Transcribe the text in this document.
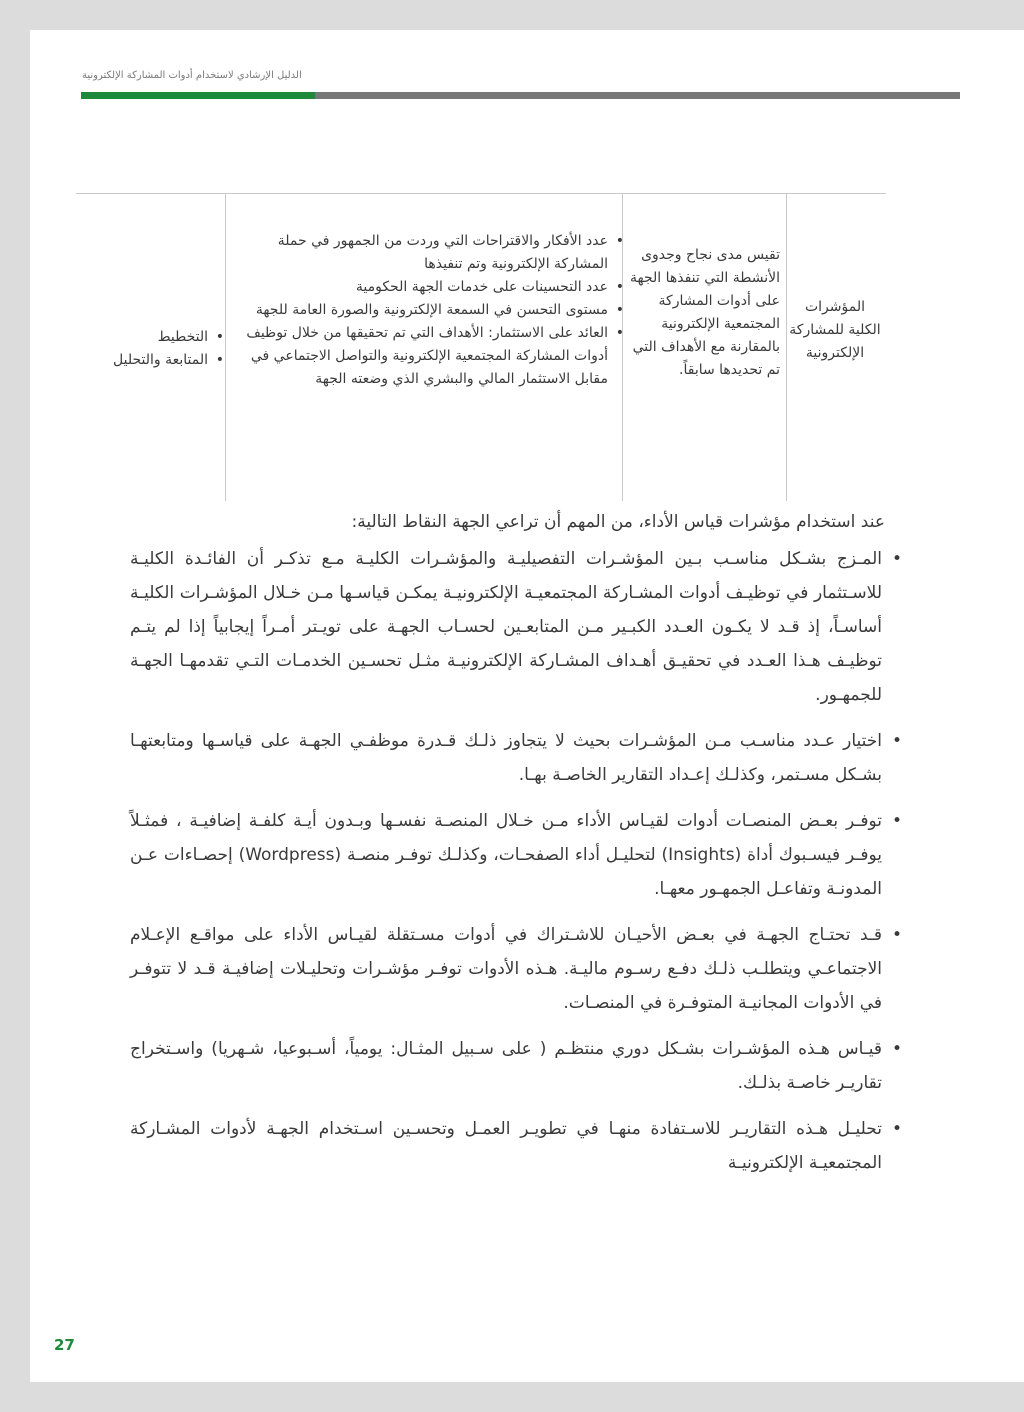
الدليل الإرشادي لاستخدام أدوات المشاركة الإلكترونية
المؤشرات الكلية للمشاركة الإلكترونية
تقيس مدى نجاح وجدوى الأنشطة التي تنفذها الجهة على أدوات المشاركة المجتمعية الإلكترونية بالمقارنة مع الأهداف التي تم تحديدها سابقاً.
• عدد الأفكار والاقتراحات التي وردت من الجمهور في حملة المشاركة الإلكترونية وتم تنفيذها
• عدد التحسينات على خدمات الجهة الحكومية
• مستوى التحسن في السمعة الإلكترونية والصورة العامة للجهة
• العائد على الاستثمار: الأهداف التي تم تحقيقها من خلال توظيف أدوات المشاركة المجتمعية الإلكترونية والتواصل الاجتماعي في مقابل الاستثمار المالي والبشري الذي وضعته الجهة
• التخطيط
• المتابعة والتحليل
عند استخدام مؤشرات قياس الأداء، من المهم أن تراعي الجهة النقاط التالية:
• المـزج بشـكل مناسـب بـين المؤشـرات التفصيليـة والمؤشـرات الكليـة مـع تذكـر أن الفائـدة الكليـة للاسـتثمار في توظيـف أدوات المشـاركة المجتمعيـة الإلكترونيـة يمكـن قياسـها مـن خـلال المؤشـرات الكليـة أساسـاً، إذ قـد لا يكـون العـدد الكبـير مـن المتابعـين لحسـاب الجهـة على تويـتر أمـراً إيجابياً إذا لم يتـم توظيـف هـذا العـدد في تحقيـق أهـداف المشـاركة الإلكترونيـة مثـل تحسـين الخدمـات التـي تقدمهـا الجهـة للجمهـور.
• اختيار عـدد مناسـب مـن المؤشـرات بحيث لا يتجاوز ذلـك قـدرة موظفـي الجهـة على قياسـها ومتابعتهـا بشـكل مسـتمر، وكذلـك إعـداد التقارير الخاصـة بهـا.
• توفـر بعـض المنصـات أدوات لقيـاس الأداء مـن خـلال المنصـة نفسـها وبـدون أيـة كلفـة إضافيـة ، فمثـلاً يوفـر فيسـبوك أداة (Insights) لتحليـل أداء الصفحـات، وكذلـك توفـر منصـة (Wordpress) إحصـاءات عـن المدونـة وتفاعـل الجمهـور معهـا.
• قـد تحتـاج الجهـة في بعـض الأحيـان للاشـتراك في أدوات مسـتقلة لقيـاس الأداء على مواقـع الإعـلام الاجتماعـي ويتطلـب ذلـك دفـع رسـوم ماليـة. هـذه الأدوات توفـر مؤشـرات وتحليـلات إضافيـة قـد لا تتوفـر في الأدوات المجانيـة المتوفـرة في المنصـات.
• قيـاس هـذه المؤشـرات بشـكل دوري منتظـم ( على سـبيل المثـال: يومياً، أسـبوعيا، شـهريا) واسـتخراج تقاريـر خاصـة بذلـك.
• تحليـل هـذه التقاريـر للاسـتفادة منهـا في تطويـر العمـل وتحسـين اسـتخدام الجهـة لأدوات المشـاركة المجتمعيـة الإلكترونيـة
27
